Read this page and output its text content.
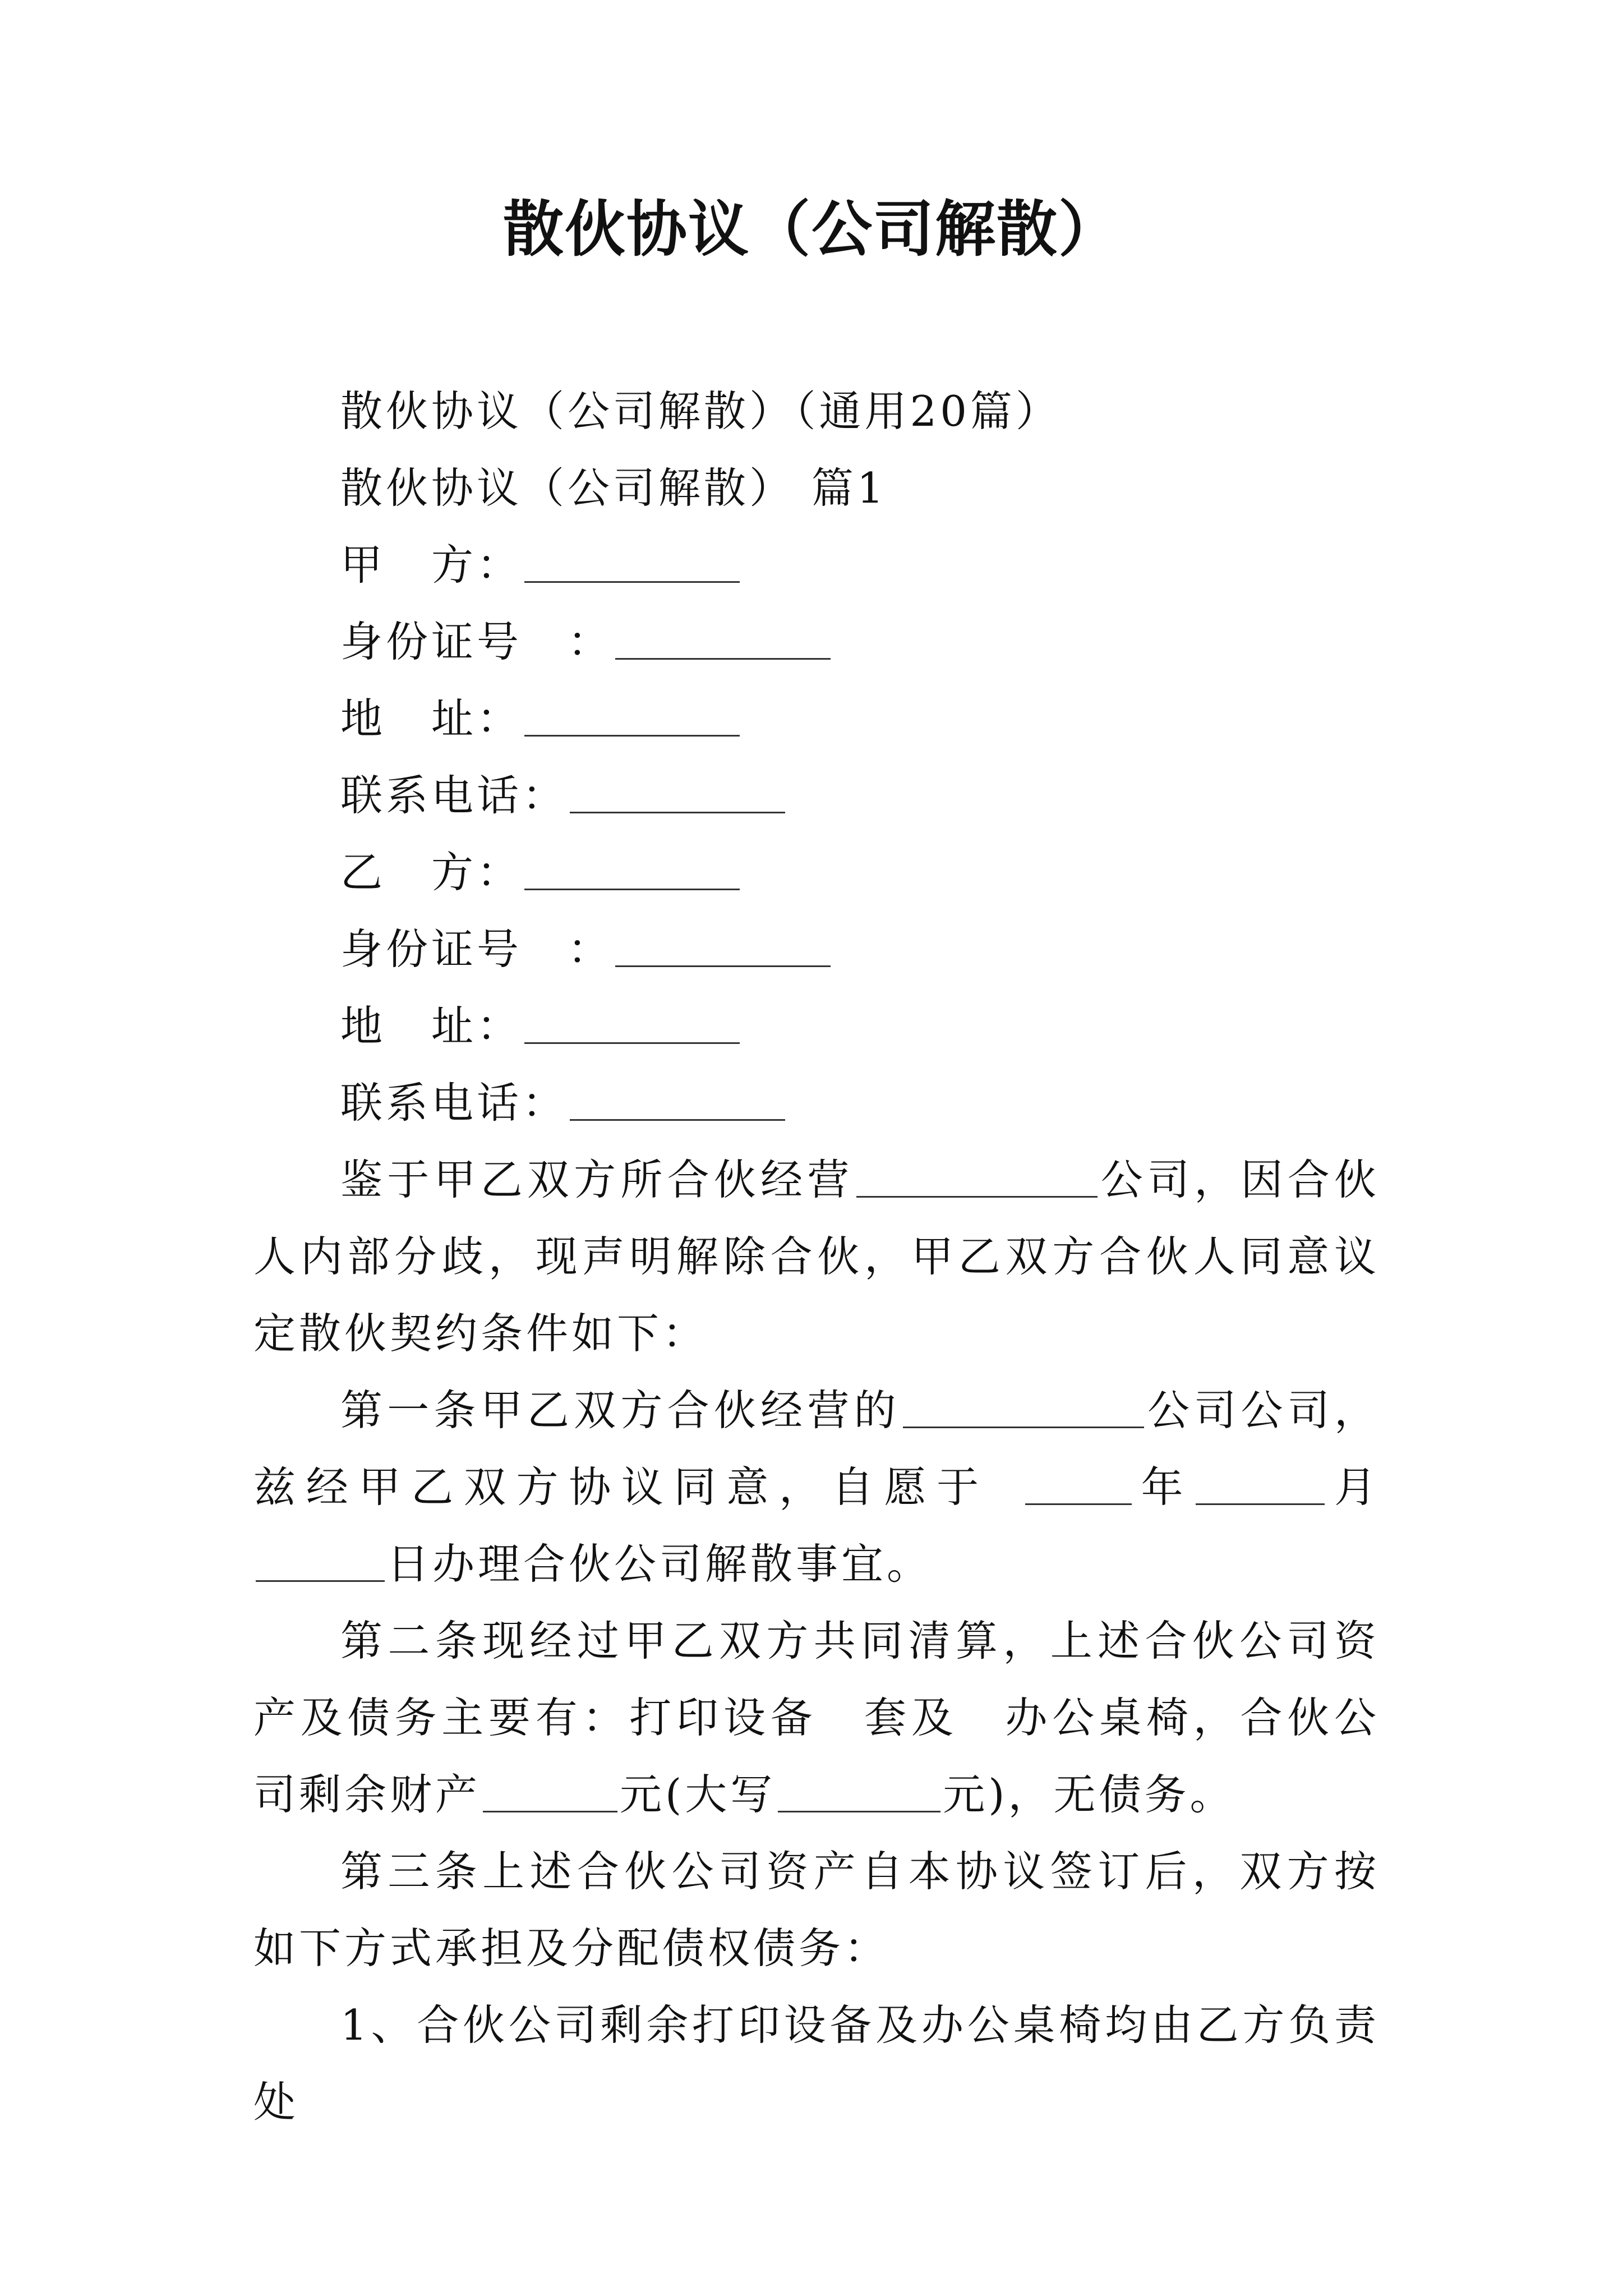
散伙协议（公司解散）

散伙协议（公司解散）（通用20篇）

散伙协议（公司解散） 篇1

甲　方：

身份证号　：

地　址：

联系电话：

乙　方：

身份证号　：

地　址：

联系电话：

鉴于甲乙双方所合伙经营	公司，因合伙人内部分歧，现声明解除合伙，甲乙双方合伙人同意议定散伙契约条件如下：

第一条甲乙双方合伙经营的	公司公司，兹经甲乙双方协议同意，自愿于	年	月日办理合伙公司解散事宜。

第二条现经过甲乙双方共同清算，上述合伙公司资产及债务主要有：打印设备　套及　办公桌椅，合伙公司剩余财产	元(大写	元)，无债务。

第三条上述合伙公司资产自本协议签订后，双方按如下方式承担及分配债权债务：

1、合伙公司剩余打印设备及办公桌椅均由乙方负责处
